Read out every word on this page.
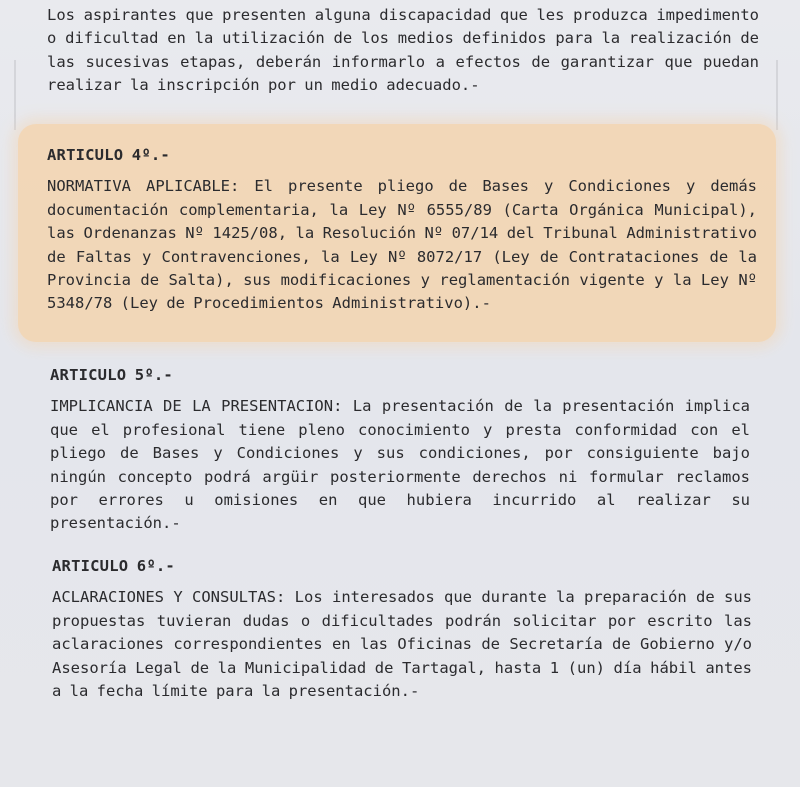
Los aspirantes que presenten alguna discapacidad que les produzca impedimento o dificultad en la utilización de los medios definidos para la realización de las sucesivas etapas, deberán informarlo a efectos de garantizar que puedan realizar la inscripción por un medio adecuado.-
ARTICULO 4º.-
NORMATIVA APLICABLE: El presente pliego de Bases y Condiciones y demás documentación complementaria, la Ley Nº 6555/89 (Carta Orgánica Municipal), las Ordenanzas Nº 1425/08, la Resolución Nº 07/14 del Tribunal Administrativo de Faltas y Contravenciones, la Ley Nº 8072/17 (Ley de Contrataciones de la Provincia de Salta), sus modificaciones y reglamentación vigente y la Ley Nº 5348/78 (Ley de Procedimientos Administrativo).-
ARTICULO 5º.-
IMPLICANCIA DE LA PRESENTACION: La presentación de la presentación implica que el profesional tiene pleno conocimiento y presta conformidad con el pliego de Bases y Condiciones y sus condiciones, por consiguiente bajo ningún concepto podrá argüir posteriormente derechos ni formular reclamos por errores u omisiones en que hubiera incurrido al realizar su presentación.-
ARTICULO 6º.-
ACLARACIONES Y CONSULTAS: Los interesados que durante la preparación de sus propuestas tuvieran dudas o dificultades podrán solicitar por escrito las aclaraciones correspondientes en las Oficinas de Secretaría de Gobierno y/o Asesoría Legal de la Municipalidad de Tartagal, hasta 1 (un) día hábil antes a la fecha límite para la presentación.-
